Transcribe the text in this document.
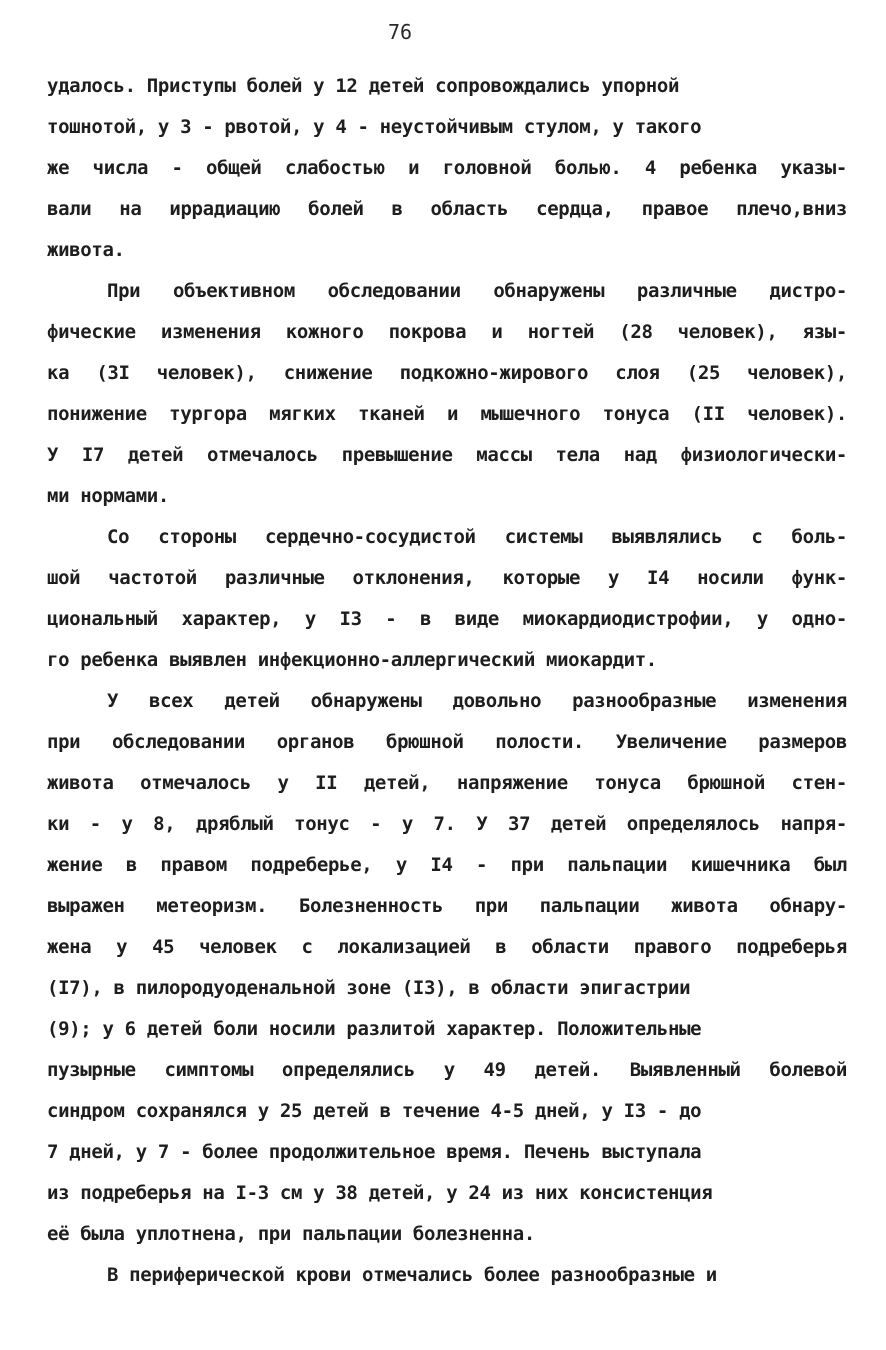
76
удалось. Приступы болей у 12 детей сопровождались упорной
тошнотой, у 3 - рвотой, у 4 - неустойчивым стулом, у такого
же числа - общей слабостью и головной болью. 4 ребенка указы-
вали на иррадиацию болей в область сердца, правое плечо,вниз
живота.
При объективном обследовании обнаружены различные дистро-
фические изменения кожного покрова и ногтей (28 человек), язы-
ка (3I человек), снижение подкожно-жирового слоя (25 человек),
понижение тургора мягких тканей и мышечного тонуса (II человек).
У I7 детей отмечалось превышение массы тела над физиологически-
ми нормами.
Со стороны сердечно-сосудистой системы выявлялись с боль-
шой частотой различные отклонения, которые у I4 носили функ-
циональный характер, у I3 - в виде миокардиодистрофии, у одно-
го ребенка выявлен инфекционно-аллергический миокардит.
У всех детей обнаружены довольно разнообразные изменения
при обследовании органов брюшной полости. Увеличение размеров
живота отмечалось у II детей, напряжение тонуса брюшной стен-
ки - у 8, дряблый тонус - у 7. У 37 детей определялось напря-
жение в правом подреберье, у I4 - при пальпации кишечника был
выражен метеоризм. Болезненность при пальпации живота обнару-
жена у 45 человек с локализацией в области правого подреберья
(I7), в пилородуоденальной зоне (I3), в области эпигастрии
(9); у 6 детей боли носили разлитой характер. Положительные
пузырные симптомы определялись у 49 детей. Выявленный болевой
синдром сохранялся у 25 детей в течение 4-5 дней, у I3 - до
7 дней, у 7 - более продолжительное время. Печень выступала
из подреберья на I-3 см у 38 детей, у 24 из них консистенция
её была уплотнена, при пальпации болезненна.
В периферической крови отмечались более разнообразные и
